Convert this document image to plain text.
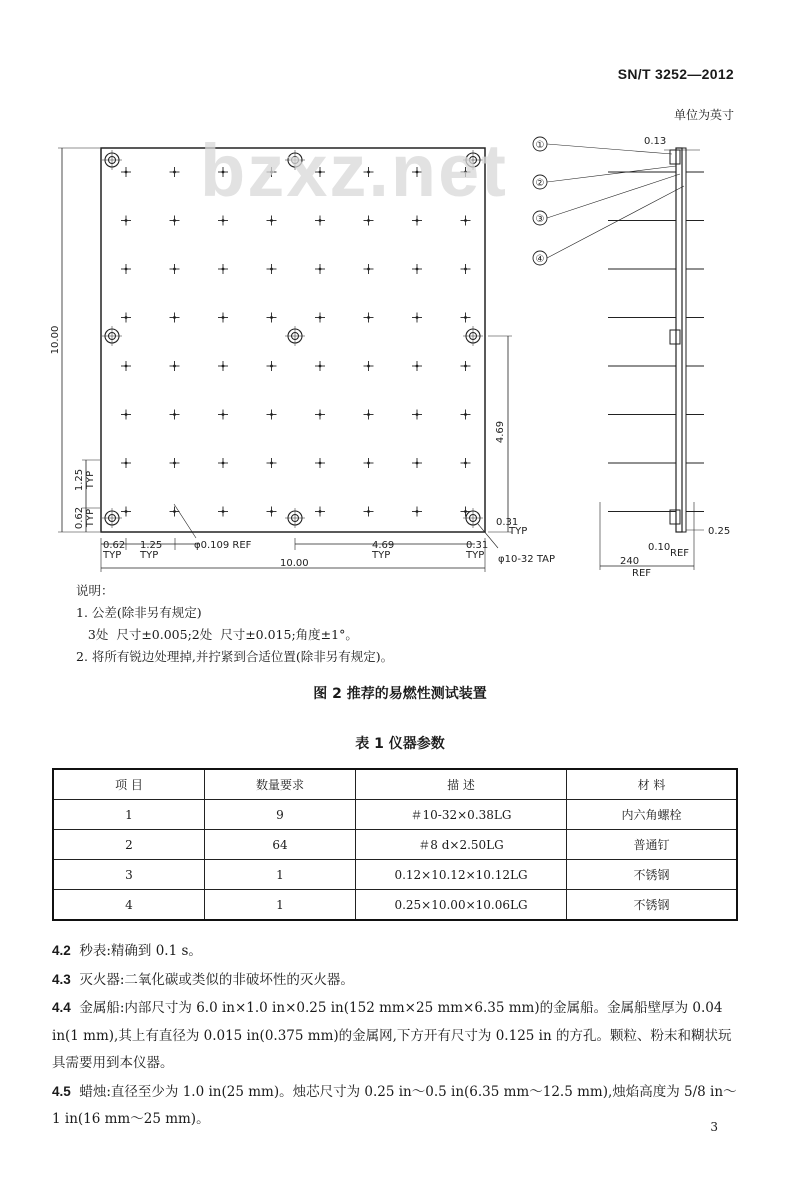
SN/T 3252—2012
单位为英寸
10.00
1.25 TYP
0.62 TYP
4.69
0.31
TYP
0.62
TYP
1.25
TYP
φ0.109 REF	4.69
TYP
0.31
TYP φ10-32 TAP
10.00
0.13
0.25
0.10
REF
240
REF
①
②
③
④
bzxz.net
说明：
1. 公差(除非另有规定)
3处  尺寸±0.005;2处  尺寸±0.015;角度±1°。
2. 将所有锐边处理掉,并拧紧到合适位置(除非另有规定)。
图 2 推荐的易燃性测试装置
表 1 仪器参数
项 目	数量要求	描 述	材 料
1	9	＃10-32×0.38LG	内六角螺栓
2	64	＃8 d×2.50LG	普通钉
3	1	0.12×10.12×10.12LG	不锈钢
4	1	0.25×10.00×10.06LG	不锈钢

4.2 秒表:精确到 0.1 s。

4.3 灭火器:二氧化碳或类似的非破坏性的灭火器。

4.4 金属船:内部尺寸为 6.0 in×1.0 in×0.25 in(152 mm×25 mm×6.35 mm)的金属船。金属船壁厚为 0.04 in(1 mm),其上有直径为 0.015 in(0.375 mm)的金属网,下方开有尺寸为 0.125 in 的方孔。颗粒、粉末和糊状玩具需要用到本仪器。

4.5 蜡烛:直径至少为 1.0 in(25 mm)。烛芯尺寸为 0.25 in～0.5 in(6.35 mm～12.5 mm),烛焰高度为 5/8 in～1 in(16 mm～25 mm)。	3
